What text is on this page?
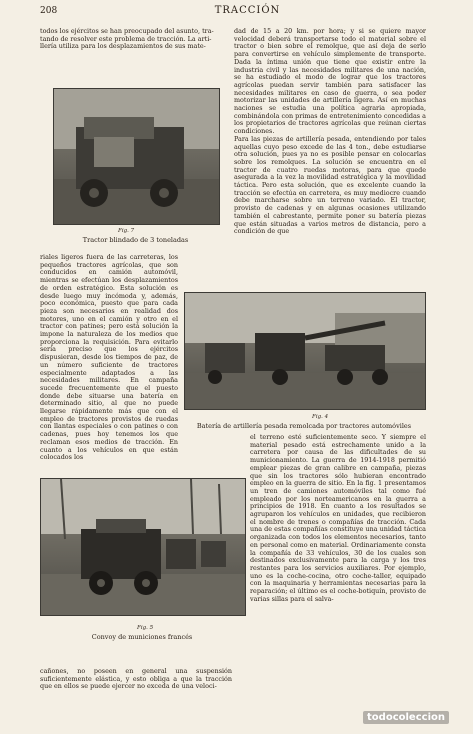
208	TRACCIÓN

todos los ejércitos se han preocupado del asunto, tra-

tando de resolver este problema de tracción. La arti-

llería utiliza para los desplazamientos de sus mate-

Fig. 7
Tractor blindado de 3 toneladas

dad de 15 a 20 km. por hora; y si se quiere mayor velocidad deberá transportarse todo el material sobre el tractor o bien sobre el remolque, que así deja de serlo para convertirse en vehículo simplemente de transporte. Dada la íntima unión que tiene que existir entre la industria civil y las necesidades militares de una nación, se ha estudiado el modo de lograr que los tractores agrícolas puedan servir también para satisfacer las necesidades militares en caso de guerra, o sea poder motorizar las unidades de artillería ligera. Así en muchas naciones se estudia una política agraria apropiada, combinándola con primas de entretenimiento concedidas a los propietarios de tractores agrícolas que reúnan ciertas condiciones.

Para las piezas de artillería pesada, entendiendo por tales aquellas cuyo peso excede de las 4 ton., debe estudiarse otra solución, pues ya no es posible pensar en colocarlas sobre los remolques. La solución se encuentra en el tractor de cuatro ruedas motoras, para que quede asegurada a la vez la movilidad estratégica y la movilidad táctica. Pero esta solución, que es excelente cuando la tracción se efectúa en carretera, es muy mediocre cuando debe marcharse sobre un terreno variado. El tractor, provisto de cadenas y en algunas ocasiones utilizando también el cabrestante, permite poner su batería piezas que están situadas a varios metros de distancia, pero a condición de que

riales ligeros fuera de las carreteras, los pequeños tractores agrícolas, que son conducidos en camión automóvil, mientras se efectúan los desplazamientos de orden estratégico. Esta solución es desde luego muy incómoda y, además, poco económica, puesto que para cada pieza son necesarios en realidad dos motores, uno en el camión y otro en el tractor con patines; pero está solución la impone la naturaleza de los medios que proporciona la requisición. Para evitarlo sería preciso que los ejércitos dispusieran, desde los tiempos de paz, de un número suficiente de tractores especialmente adaptados a las necesidades militares. En campaña sucede frecuentemente que el puesto donde debe situarse una batería en determinado sitio, al que no puede llegarse rápidamente más que con el empleo de tractores provistos de ruedas con llantas especiales o con patines o con cadenas, pues hoy tenemos los que reclaman esos medios de tracción. En cuanto a los vehículos en que están colocados los

Fig. 4
Batería de artillería pesada remolcada por tractores automóviles

el terreno esté suficientemente seco. Y siempre el material pesado está estrechamente unido a la carretera por causa de las dificultades de su municionamiento. La guerra de 1914-1918 permitió emplear piezas de gran calibre en campaña, piezas que sin los tractores sólo hubieran encontrado empleo en la guerra de sitio. En la fig. 1 presentamos un tren de camiones automóviles tal como fué empleado por los norteamericanos en la guerra a principios de 1918. En cuanto a los resultados se agruparon los vehículos en unidades, que recibieron el nombre de trenes o compañías de tracción. Cada una de estas compañías constituye una unidad táctica organizada con todos los elementos necesarios, tanto en personal como en material. Ordinariamente consta la compañía de 33 vehículos, 30 de los cuales son destinados exclusivamente para la carga y los tres restantes para los servicios auxiliares. Por ejemplo, uno es la coche-cocina, otro coche-taller, equipado con la maquinaria y herramientas necesarias para la reparación; el último es el coche-botiquín, provisto de varias sillas para el salva-

Fig. 5
Convoy de municiones francés

cañones, no poseen en general una suspensión suficientemente elástica, y esto obliga a que la tracción que en ellos se puede ejercer no exceda de una veloci-

todocoleccion
